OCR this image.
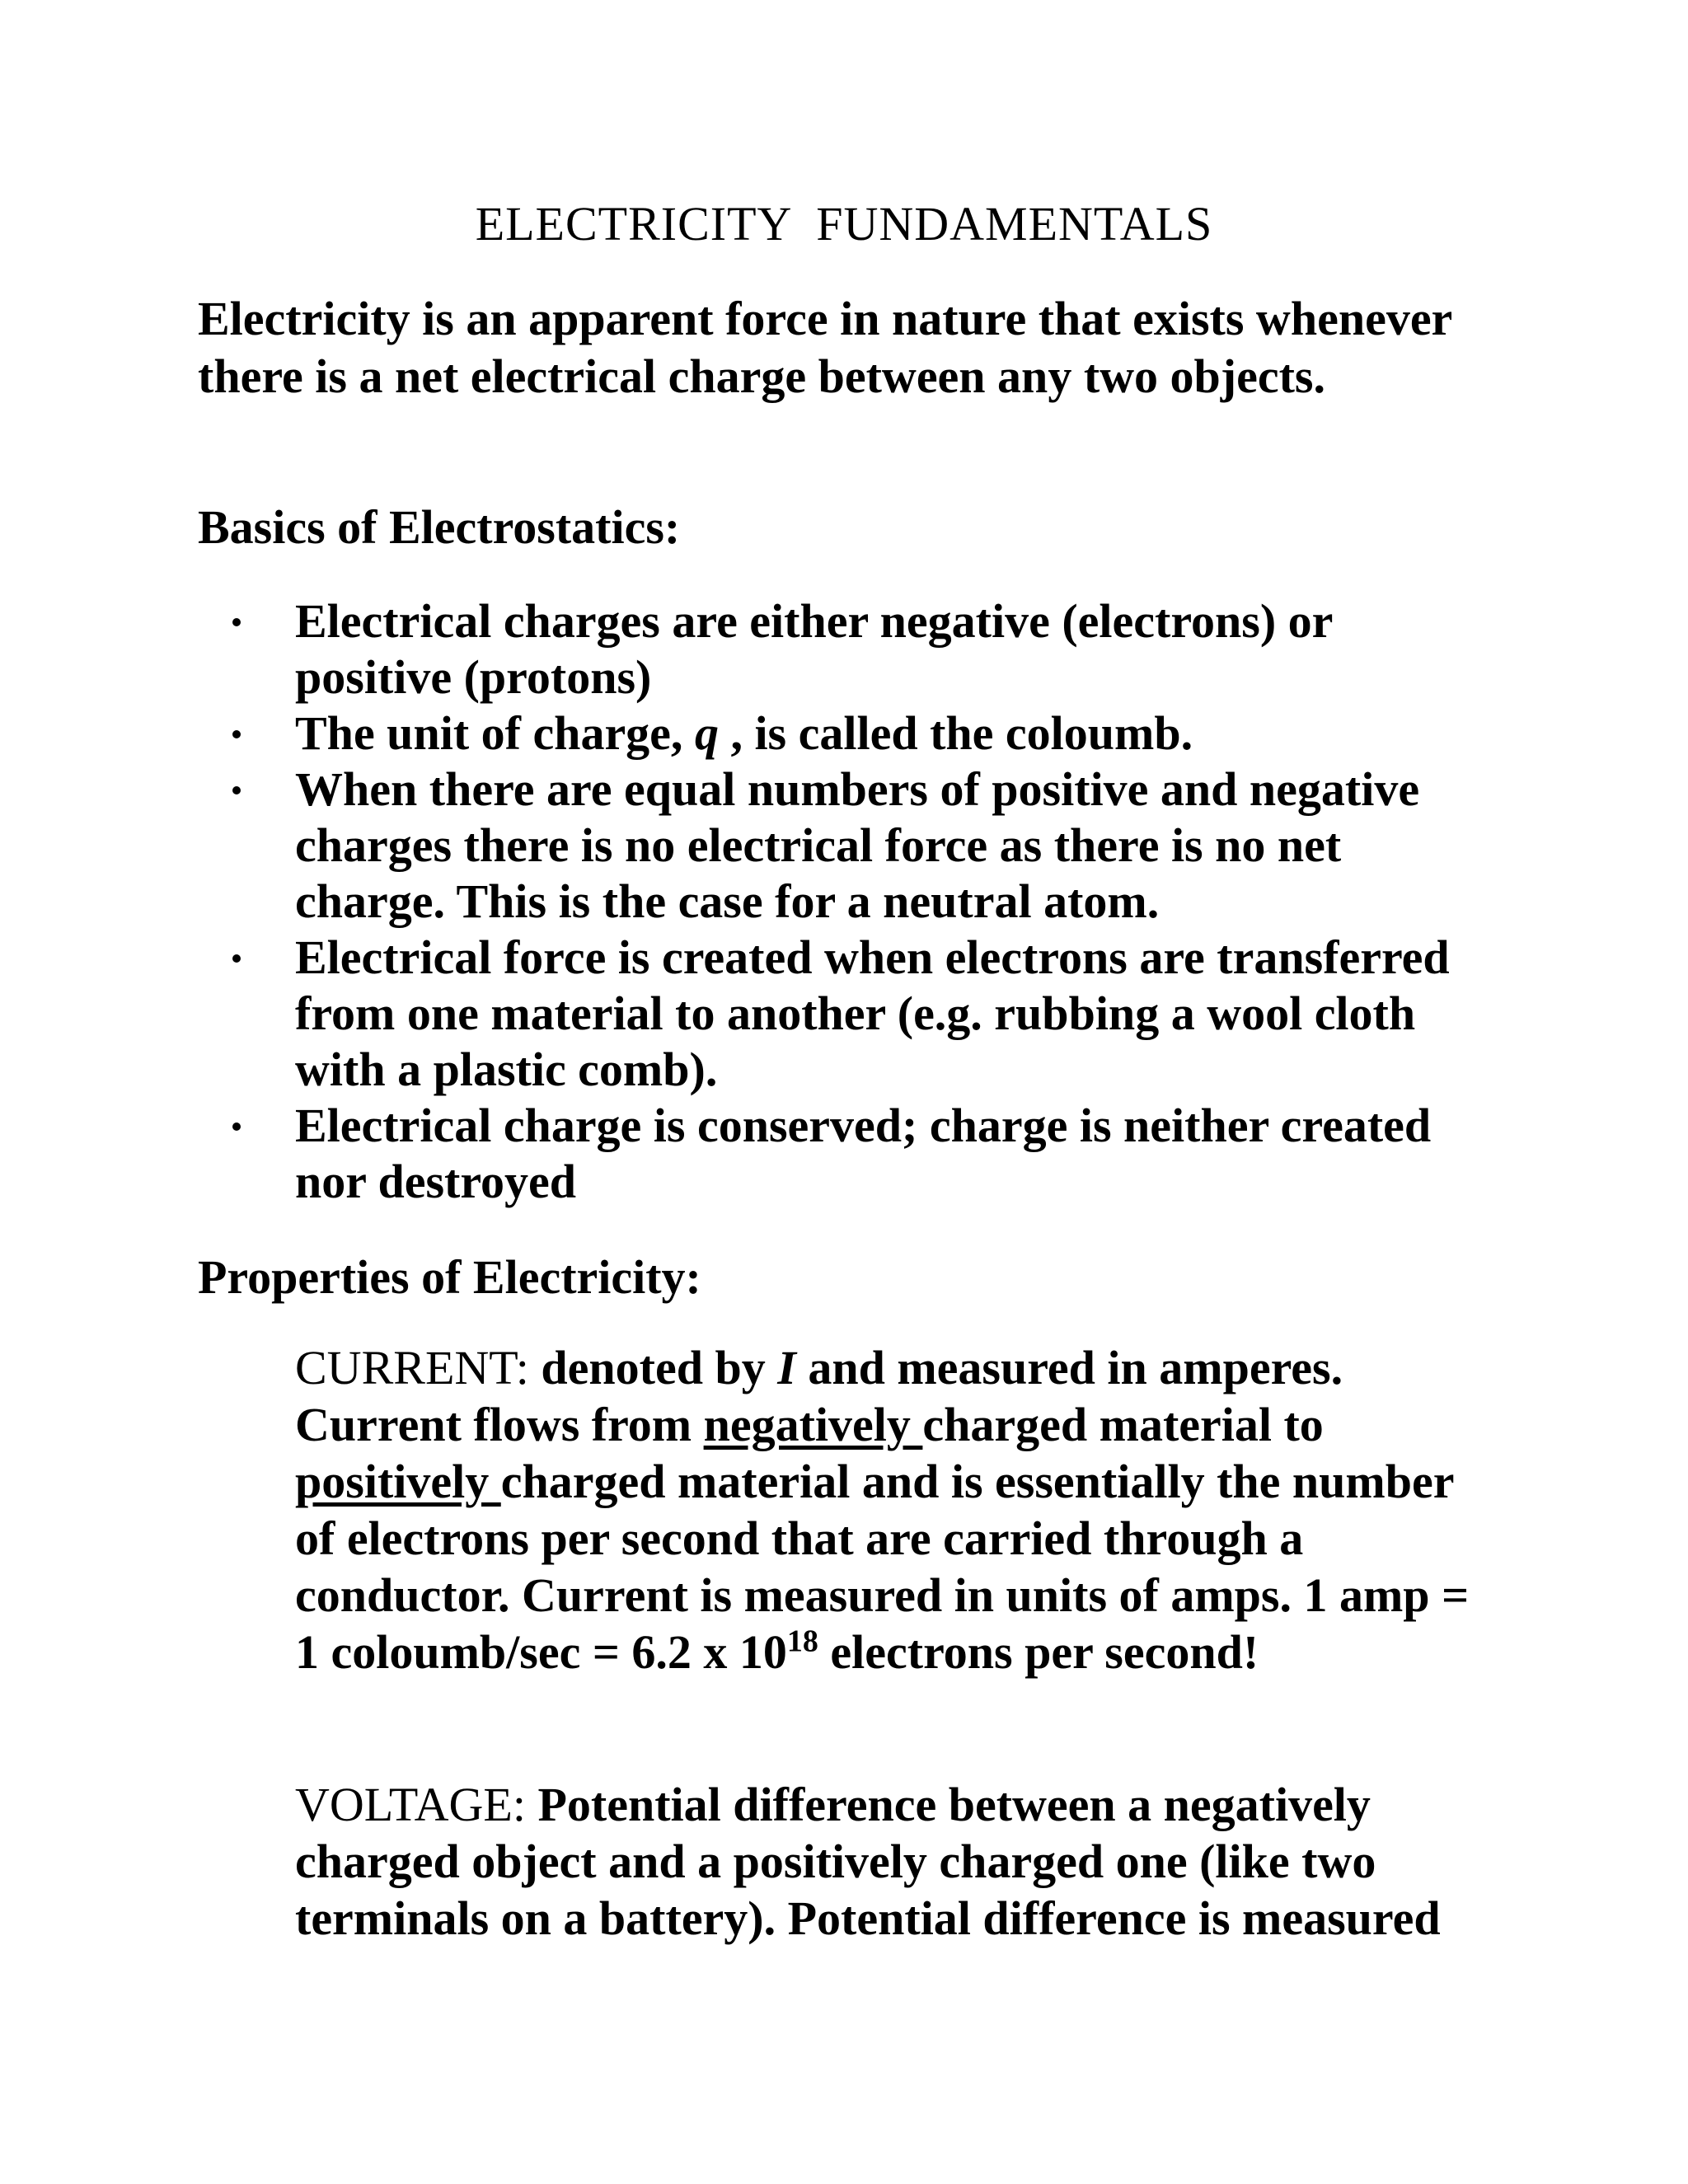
ELECTRICITY  FUNDAMENTALS
Electricity is an apparent force in nature that exists whenever there is a net electrical charge between any two objects.
Basics of Electrostatics:
Electrical charges are either negative (electrons) or positive (protons)
The unit of charge, q , is called the coloumb.
When there are equal numbers of positive and negative charges there is no electrical force as there is no net charge. This is the case for a neutral atom.
Electrical force is created when electrons are transferred from one material to another (e.g. rubbing a wool cloth with a plastic comb).
Electrical charge is conserved; charge is neither created nor destroyed
Properties of Electricity:
CURRENT: denoted by I and measured in amperes.
Current flows from negatively charged material to positively charged material and is essentially the number of electrons per second that are carried through a conductor. Current is measured in units of amps. 1 amp = 1 coloumb/sec = 6.2 x $10^{18}$ electrons per second!
VOLTAGE: Potential difference between a negatively charged object and a positively charged one (like two terminals on a battery). Potential difference is measured
